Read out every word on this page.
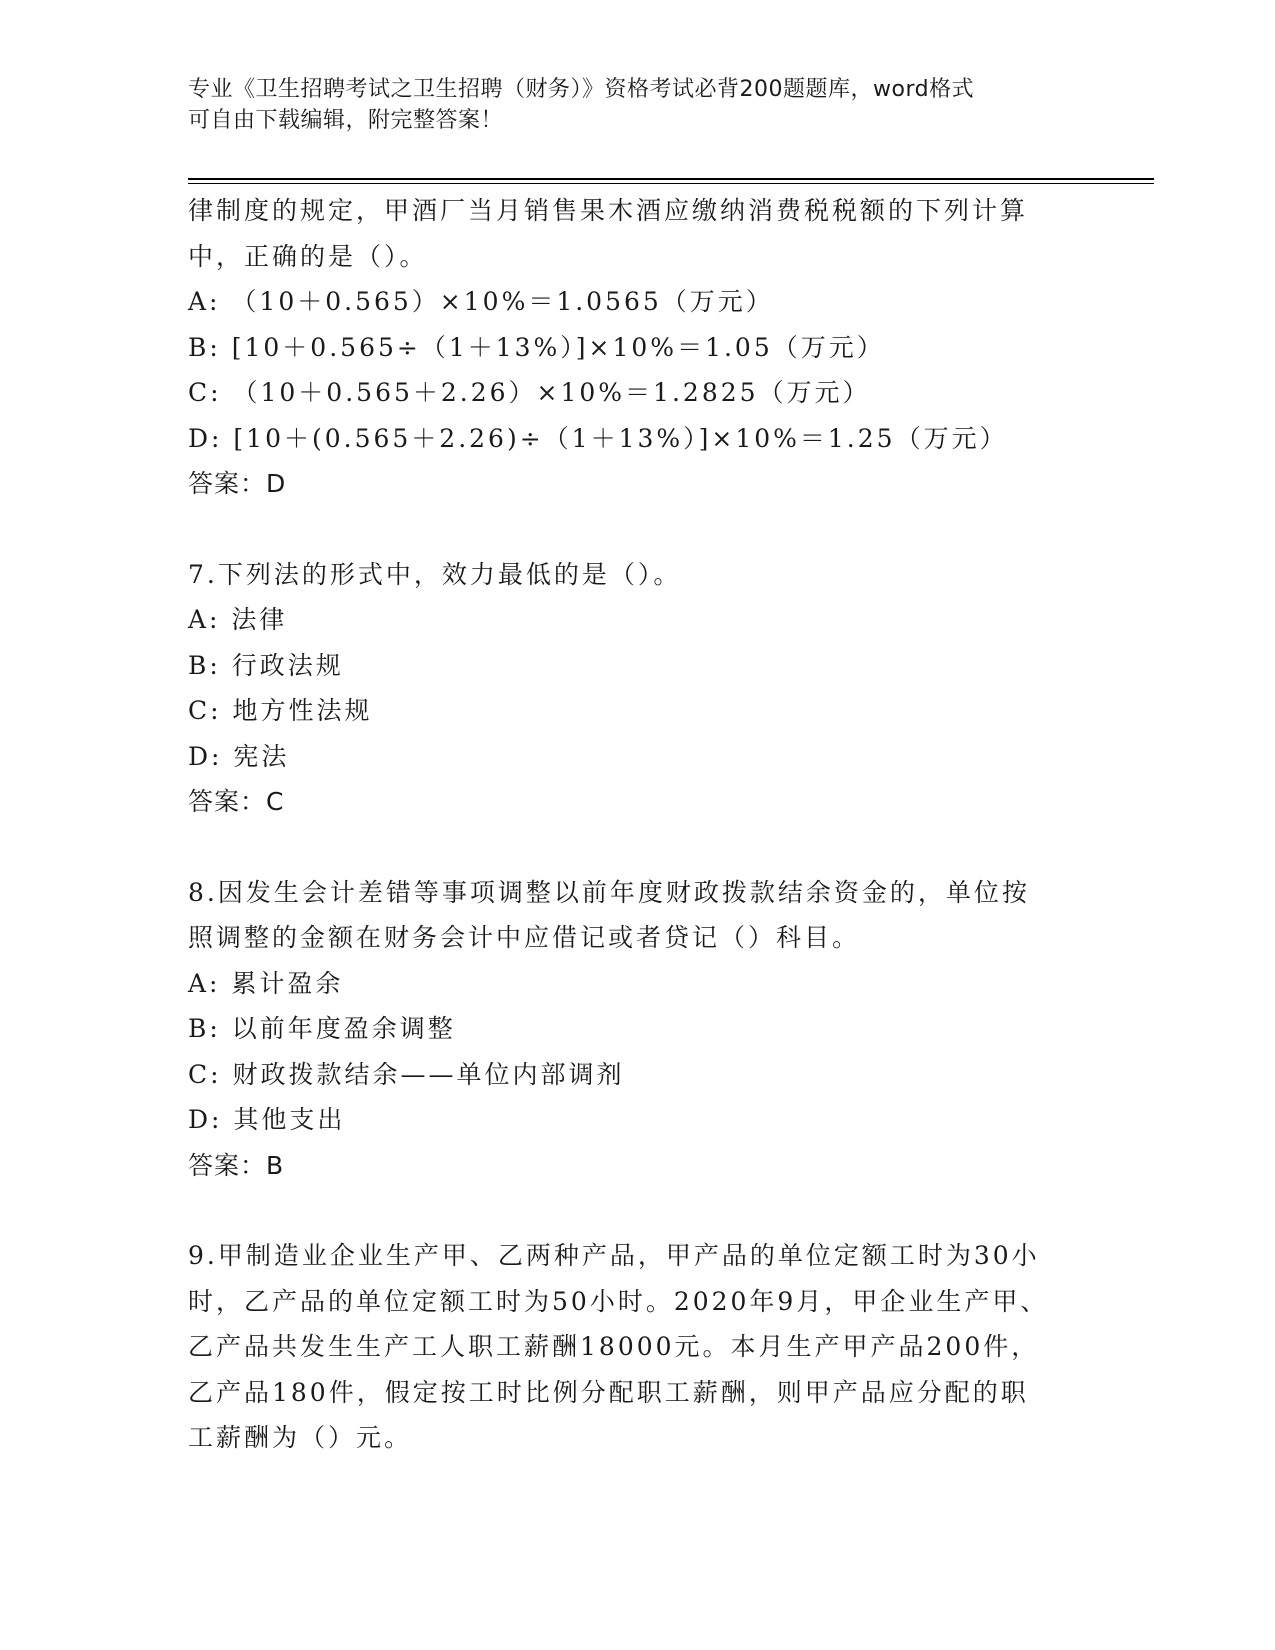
专业《卫生招聘考试之卫生招聘（财务）》资格考试必背200题题库，word格式
可自由下载编辑，附完整答案！
律制度的规定，甲酒厂当月销售果木酒应缴纳消费税税额的下列计算
中，正确的是（）。
A: （10＋0.565）×10%＝1.0565（万元）
B: [10＋0.565÷（1＋13%）]×10%＝1.05（万元）
C: （10＋0.565＋2.26）×10%＝1.2825（万元）
D: [10＋(0.565＋2.26)÷（1＋13%）]×10%＝1.25（万元）
答案：D
7.下列法的形式中，效力最低的是（）。
A: 法律
B: 行政法规
C: 地方性法规
D: 宪法
答案：C
8.因发生会计差错等事项调整以前年度财政拨款结余资金的，单位按
照调整的金额在财务会计中应借记或者贷记（）科目。
A: 累计盈余
B: 以前年度盈余调整
C: 财政拨款结余——单位内部调剂
D: 其他支出
答案：B
9.甲制造业企业生产甲、乙两种产品，甲产品的单位定额工时为30小
时，乙产品的单位定额工时为50小时。2020年9月，甲企业生产甲、
乙产品共发生生产工人职工薪酬18000元。本月生产甲产品200件，
乙产品180件，假定按工时比例分配职工薪酬，则甲产品应分配的职
工薪酬为（）元。
